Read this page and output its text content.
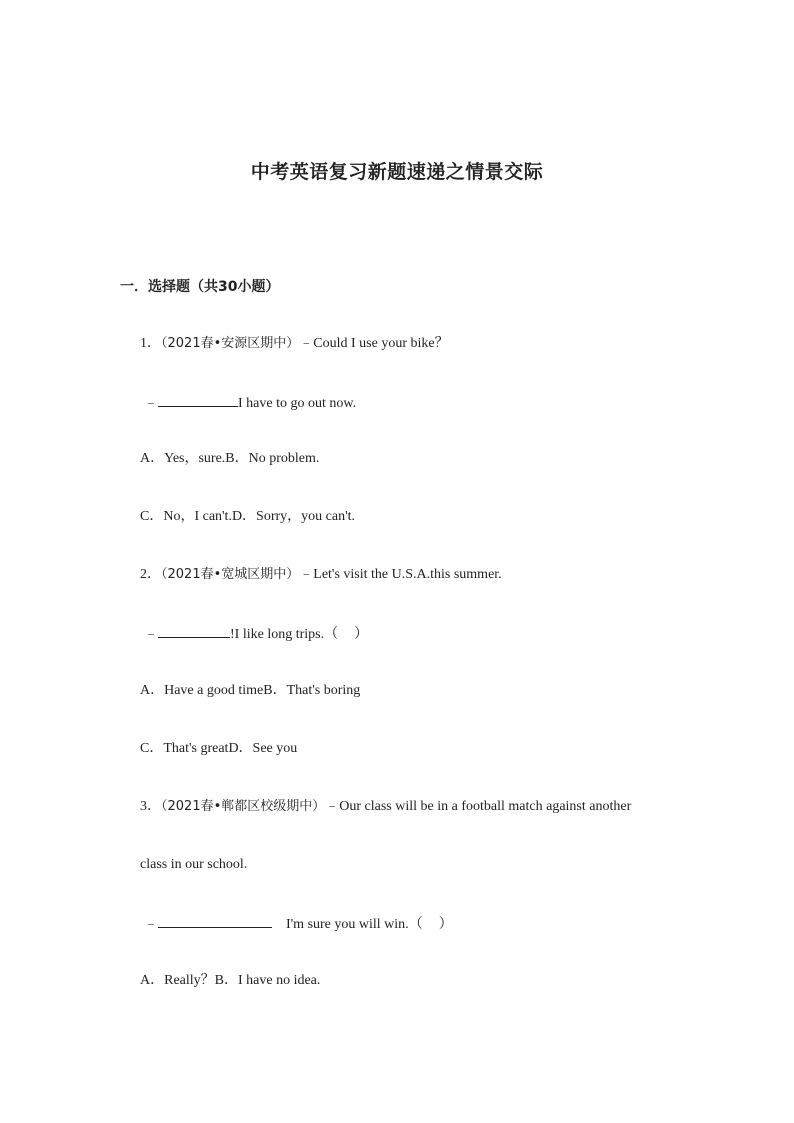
中考英语复习新题速递之情景交际
一．选择题（共30小题）
1．（2021春•安源区期中）﹣Could I use your bike？
﹣	I have to go out now.
A．Yes，sure.B．No problem.
C．No，I can't.D．Sorry，you can't.
2．（2021春•宽城区期中）﹣Let's visit the U.S.A.this summer.
﹣	!I like long trips. （
）
A．Have a good timeB．That's boring
C．That's greatD．See you
3．（2021春•郸都区校级期中）﹣Our class will be in a football match against another
class in our school.
﹣	I'm sure you will win. （
）
A．Really？B．I have no idea.
